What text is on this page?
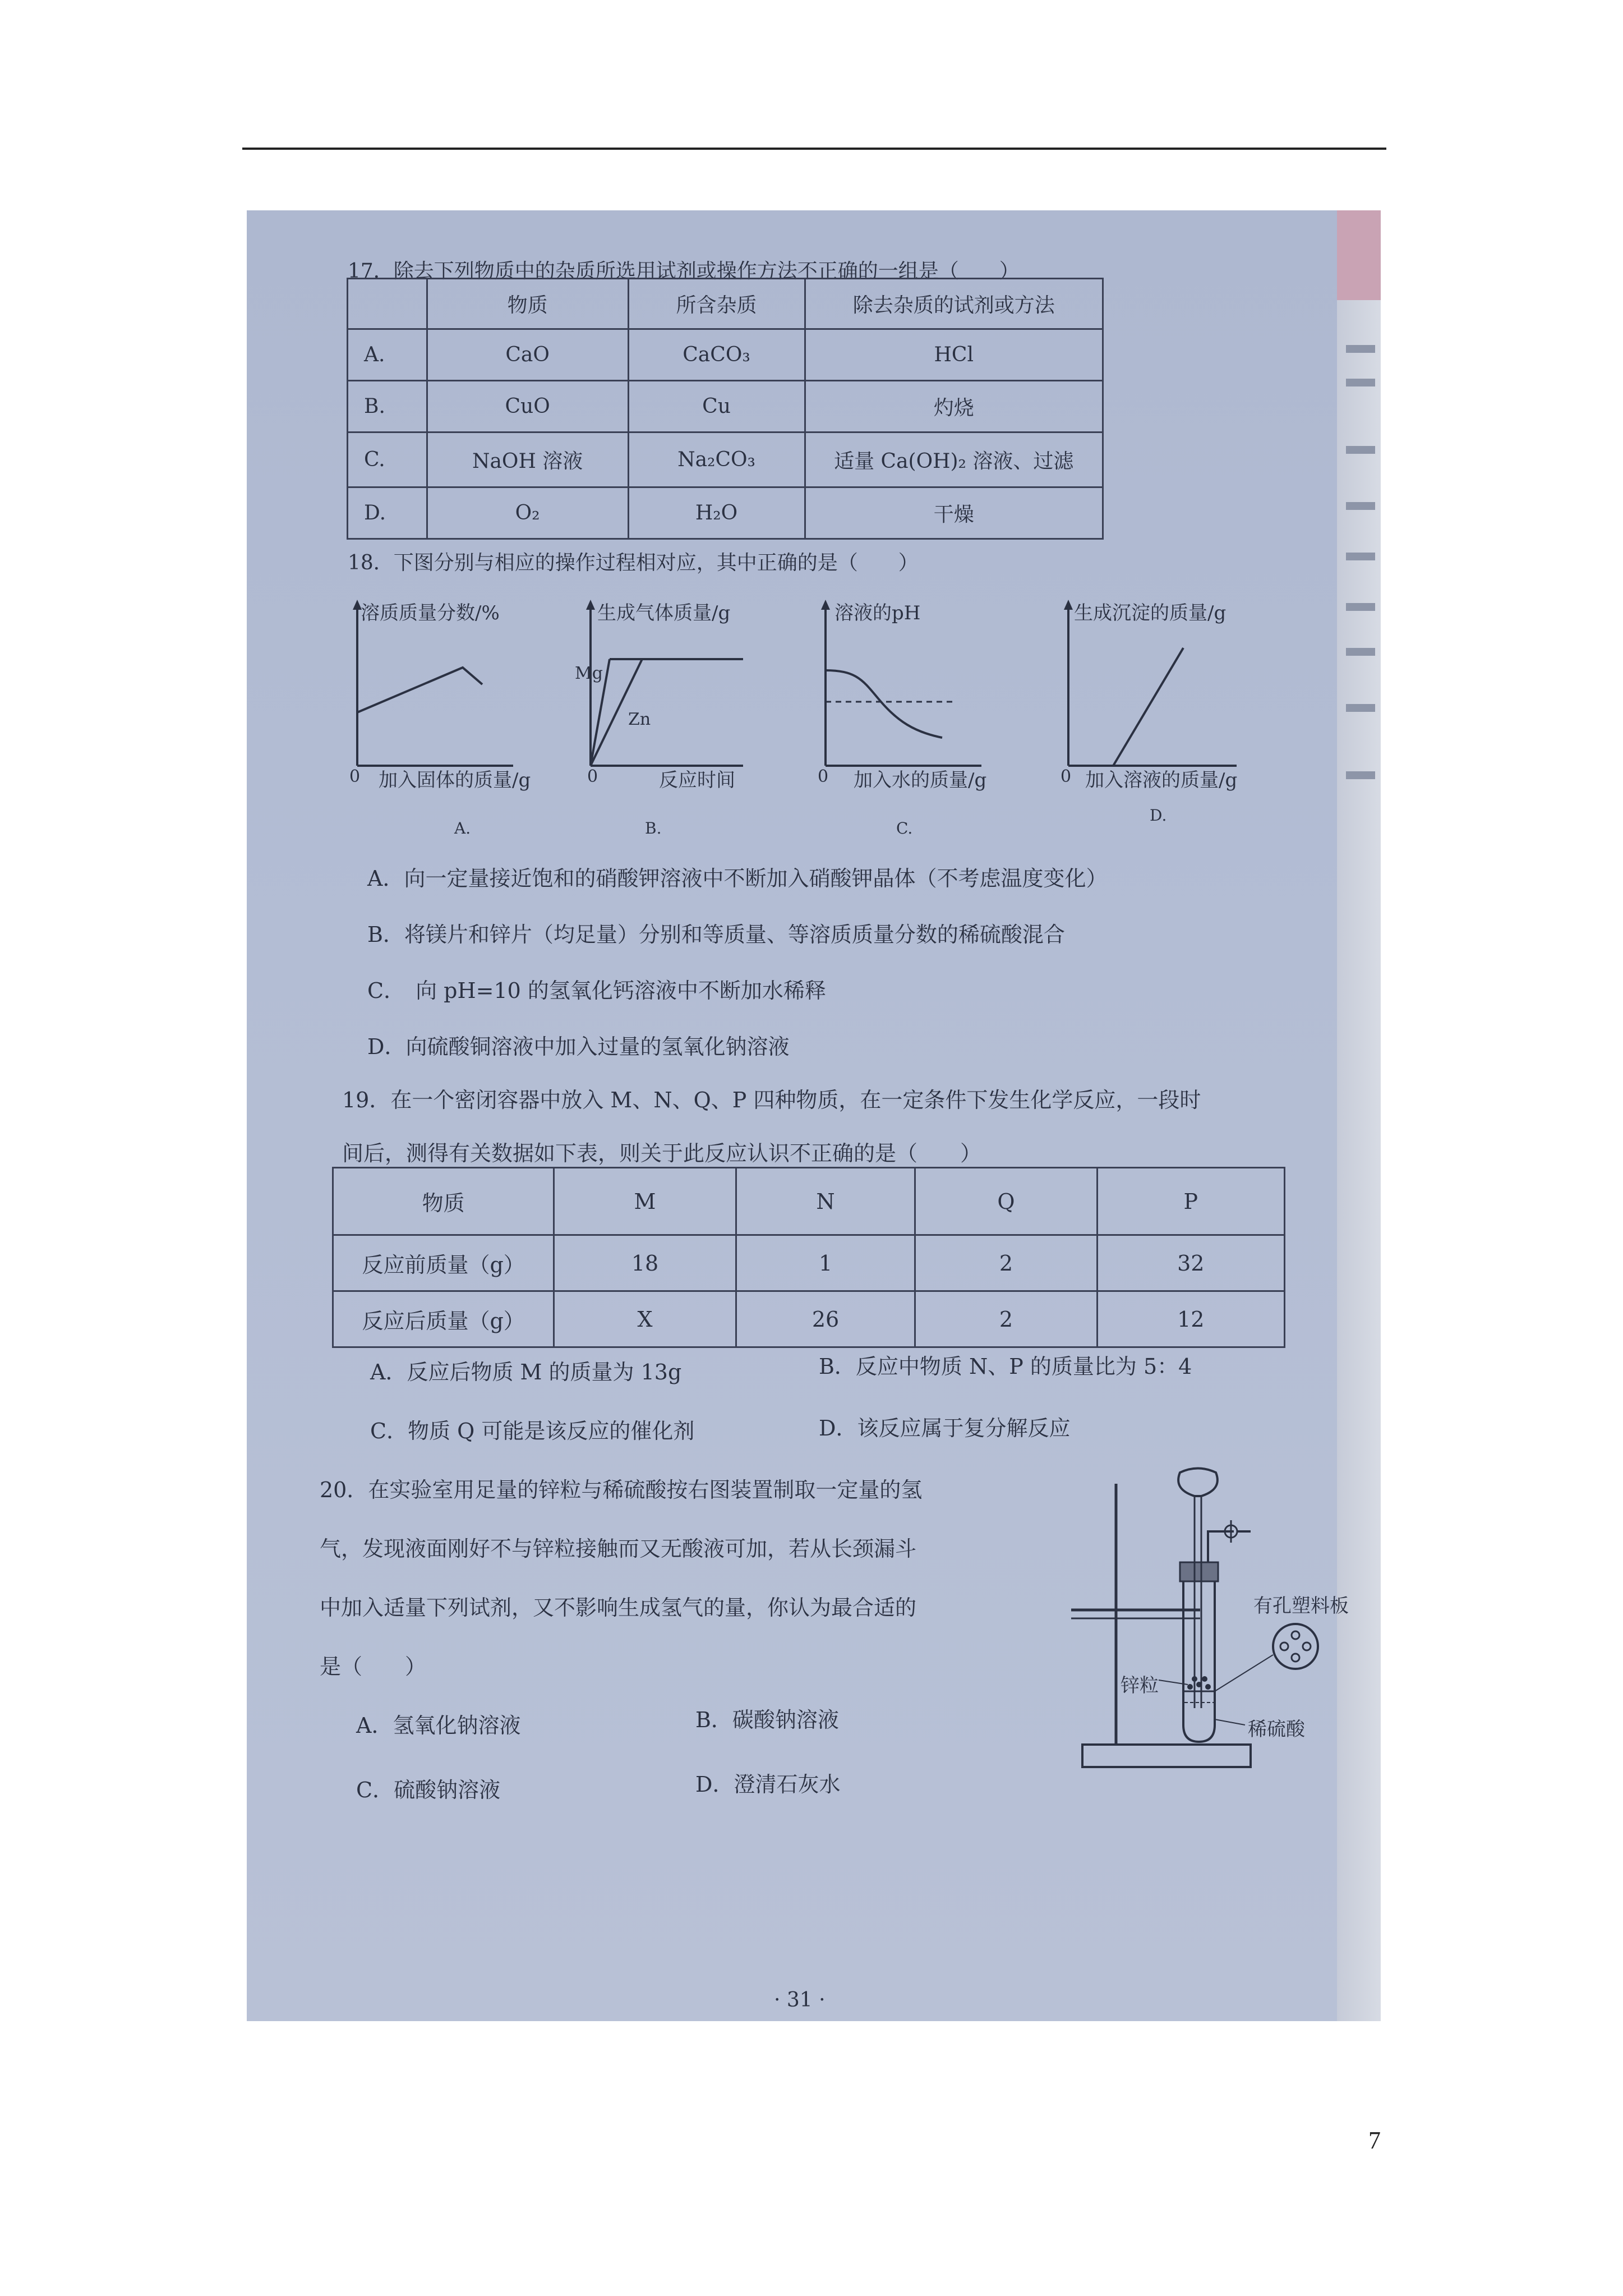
17．除去下列物质中的杂质所选用试剂或操作方法不正确的一组是（　　）
	物质	所含杂质	除去杂质的试剂或方法
A.	CaO	CaCO₃	HCl
B.	CuO	Cu	灼烧
C.	NaOH 溶液	Na₂CO₃	适量 Ca(OH)₂ 溶液、过滤
D.	O₂	H₂O	干燥
18．下图分别与相应的操作过程相对应，其中正确的是（　　）
溶质质量分数/%
0 加入固体的质量/g
A.
生成气体质量/g
Mg
Zn
0	反应时间
B.
溶液的pH
0 加入水的质量/g
C.
生成沉淀的质量/g
0 加入溶液的质量/g
D.
A．向一定量接近饱和的硝酸钾溶液中不断加入硝酸钾晶体（不考虑温度变化）
B．将镁片和锌片（均足量）分别和等质量、等溶质质量分数的稀硫酸混合
C．　向 pH=10 的氢氧化钙溶液中不断加水稀释
D．向硫酸铜溶液中加入过量的氢氧化钠溶液
19．在一个密闭容器中放入 M、N、Q、P 四种物质，在一定条件下发生化学反应，一段时
间后，测得有关数据如下表，则关于此反应认识不正确的是（　　）
物质	M	N	Q	P
反应前质量（g）	18	1	2	32
反应后质量（g）	X	26	2	12
A．反应后物质 M 的质量为 13g	B．反应中物质 N、P 的质量比为 5：4
C．物质 Q 可能是该反应的催化剂	D．该反应属于复分解反应
20．在实验室用足量的锌粒与稀硫酸按右图装置制取一定量的氢
气，发现液面刚好不与锌粒接触而又无酸液可加，若从长颈漏斗
中加入适量下列试剂，又不影响生成氢气的量，你认为最合适的
是（　　）
A．氢氧化钠溶液	B．碳酸钠溶液
C．硫酸钠溶液	D．澄清石灰水
有孔塑料板
锌粒
稀硫酸
· 31 ·
7
